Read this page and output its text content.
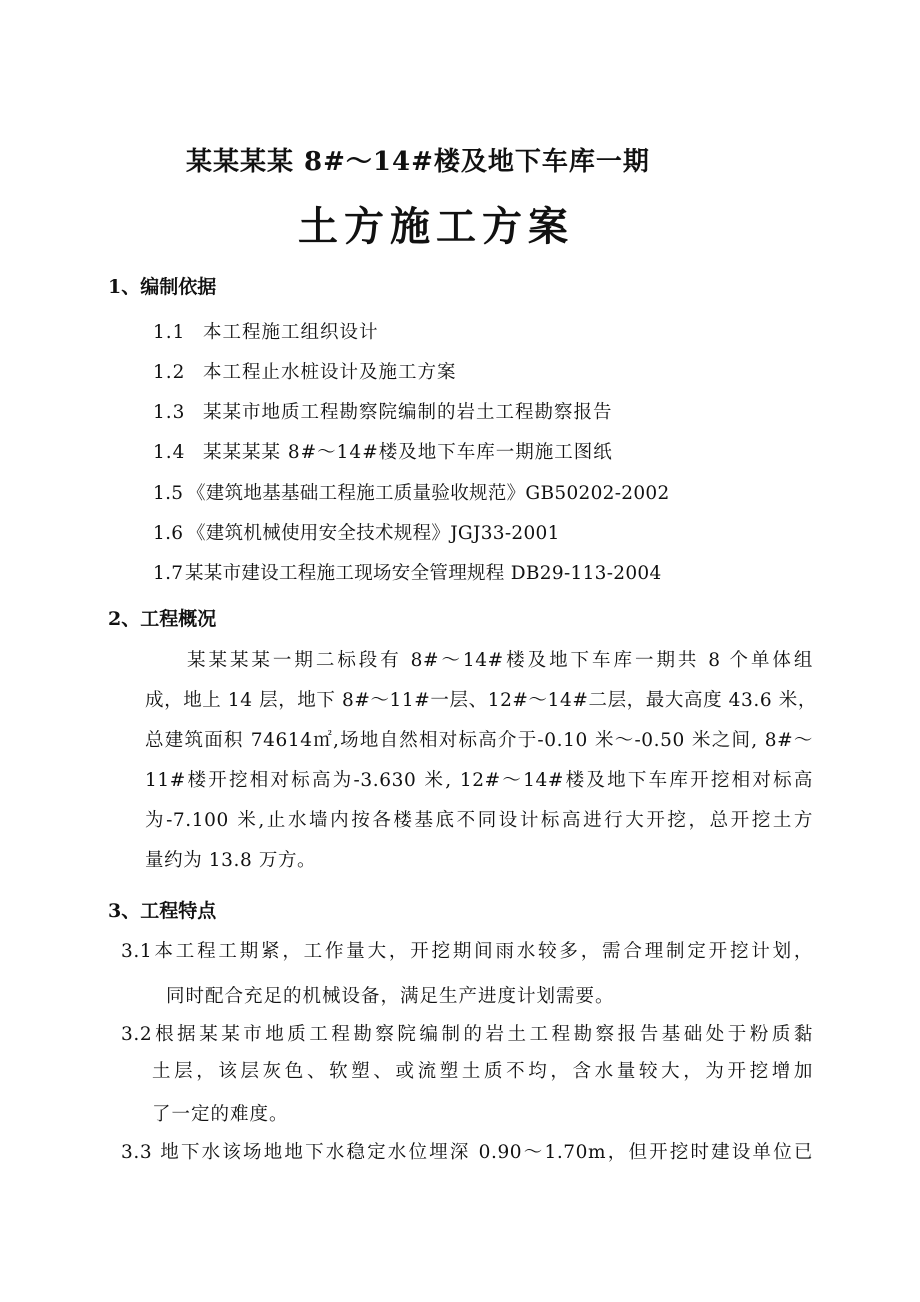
某某某某 8#～14#楼及地下车库一期
土方施工方案
1、编制依据
1.1 本工程施工组织设计
1.2 本工程止水桩设计及施工方案
1.3 某某市地质工程勘察院编制的岩土工程勘察报告
1.4 某某某某 8#～14#楼及地下车库一期施工图纸
1.5 《建筑地基基础工程施工质量验收规范》GB50202-2002
1.6 《建筑机械使用安全技术规程》JGJ33-2001
1.7某某市建设工程施工现场安全管理规程 DB29-113-2004
2、工程概况
某某某某一期二标段有 8#～14#楼及地下车库一期共 8 个单体组
成，地上 14 层，地下 8#～11#一层、12#～14#二层，最大高度 43.6 米，
总建筑面积 74614㎡,场地自然相对标高介于-0.10 米～-0.50 米之间, 8#～
11#楼开挖相对标高为-3.630 米, 12#～14#楼及地下车库开挖相对标高
为-7.100 米,止水墙内按各楼基底不同设计标高进行大开挖，总开挖土方
量约为 13.8 万方。
3、工程特点
3.1本工程工期紧，工作量大，开挖期间雨水较多，需合理制定开挖计划，
同时配合充足的机械设备，满足生产进度计划需要。
3.2根据某某市地质工程勘察院编制的岩土工程勘察报告基础处于粉质黏
土层，该层灰色、软塑、或流塑土质不均，含水量较大，为开挖增加
了一定的难度。
3.3 地下水该场地地下水稳定水位埋深 0.90～1.70m，但开挖时建设单位已
